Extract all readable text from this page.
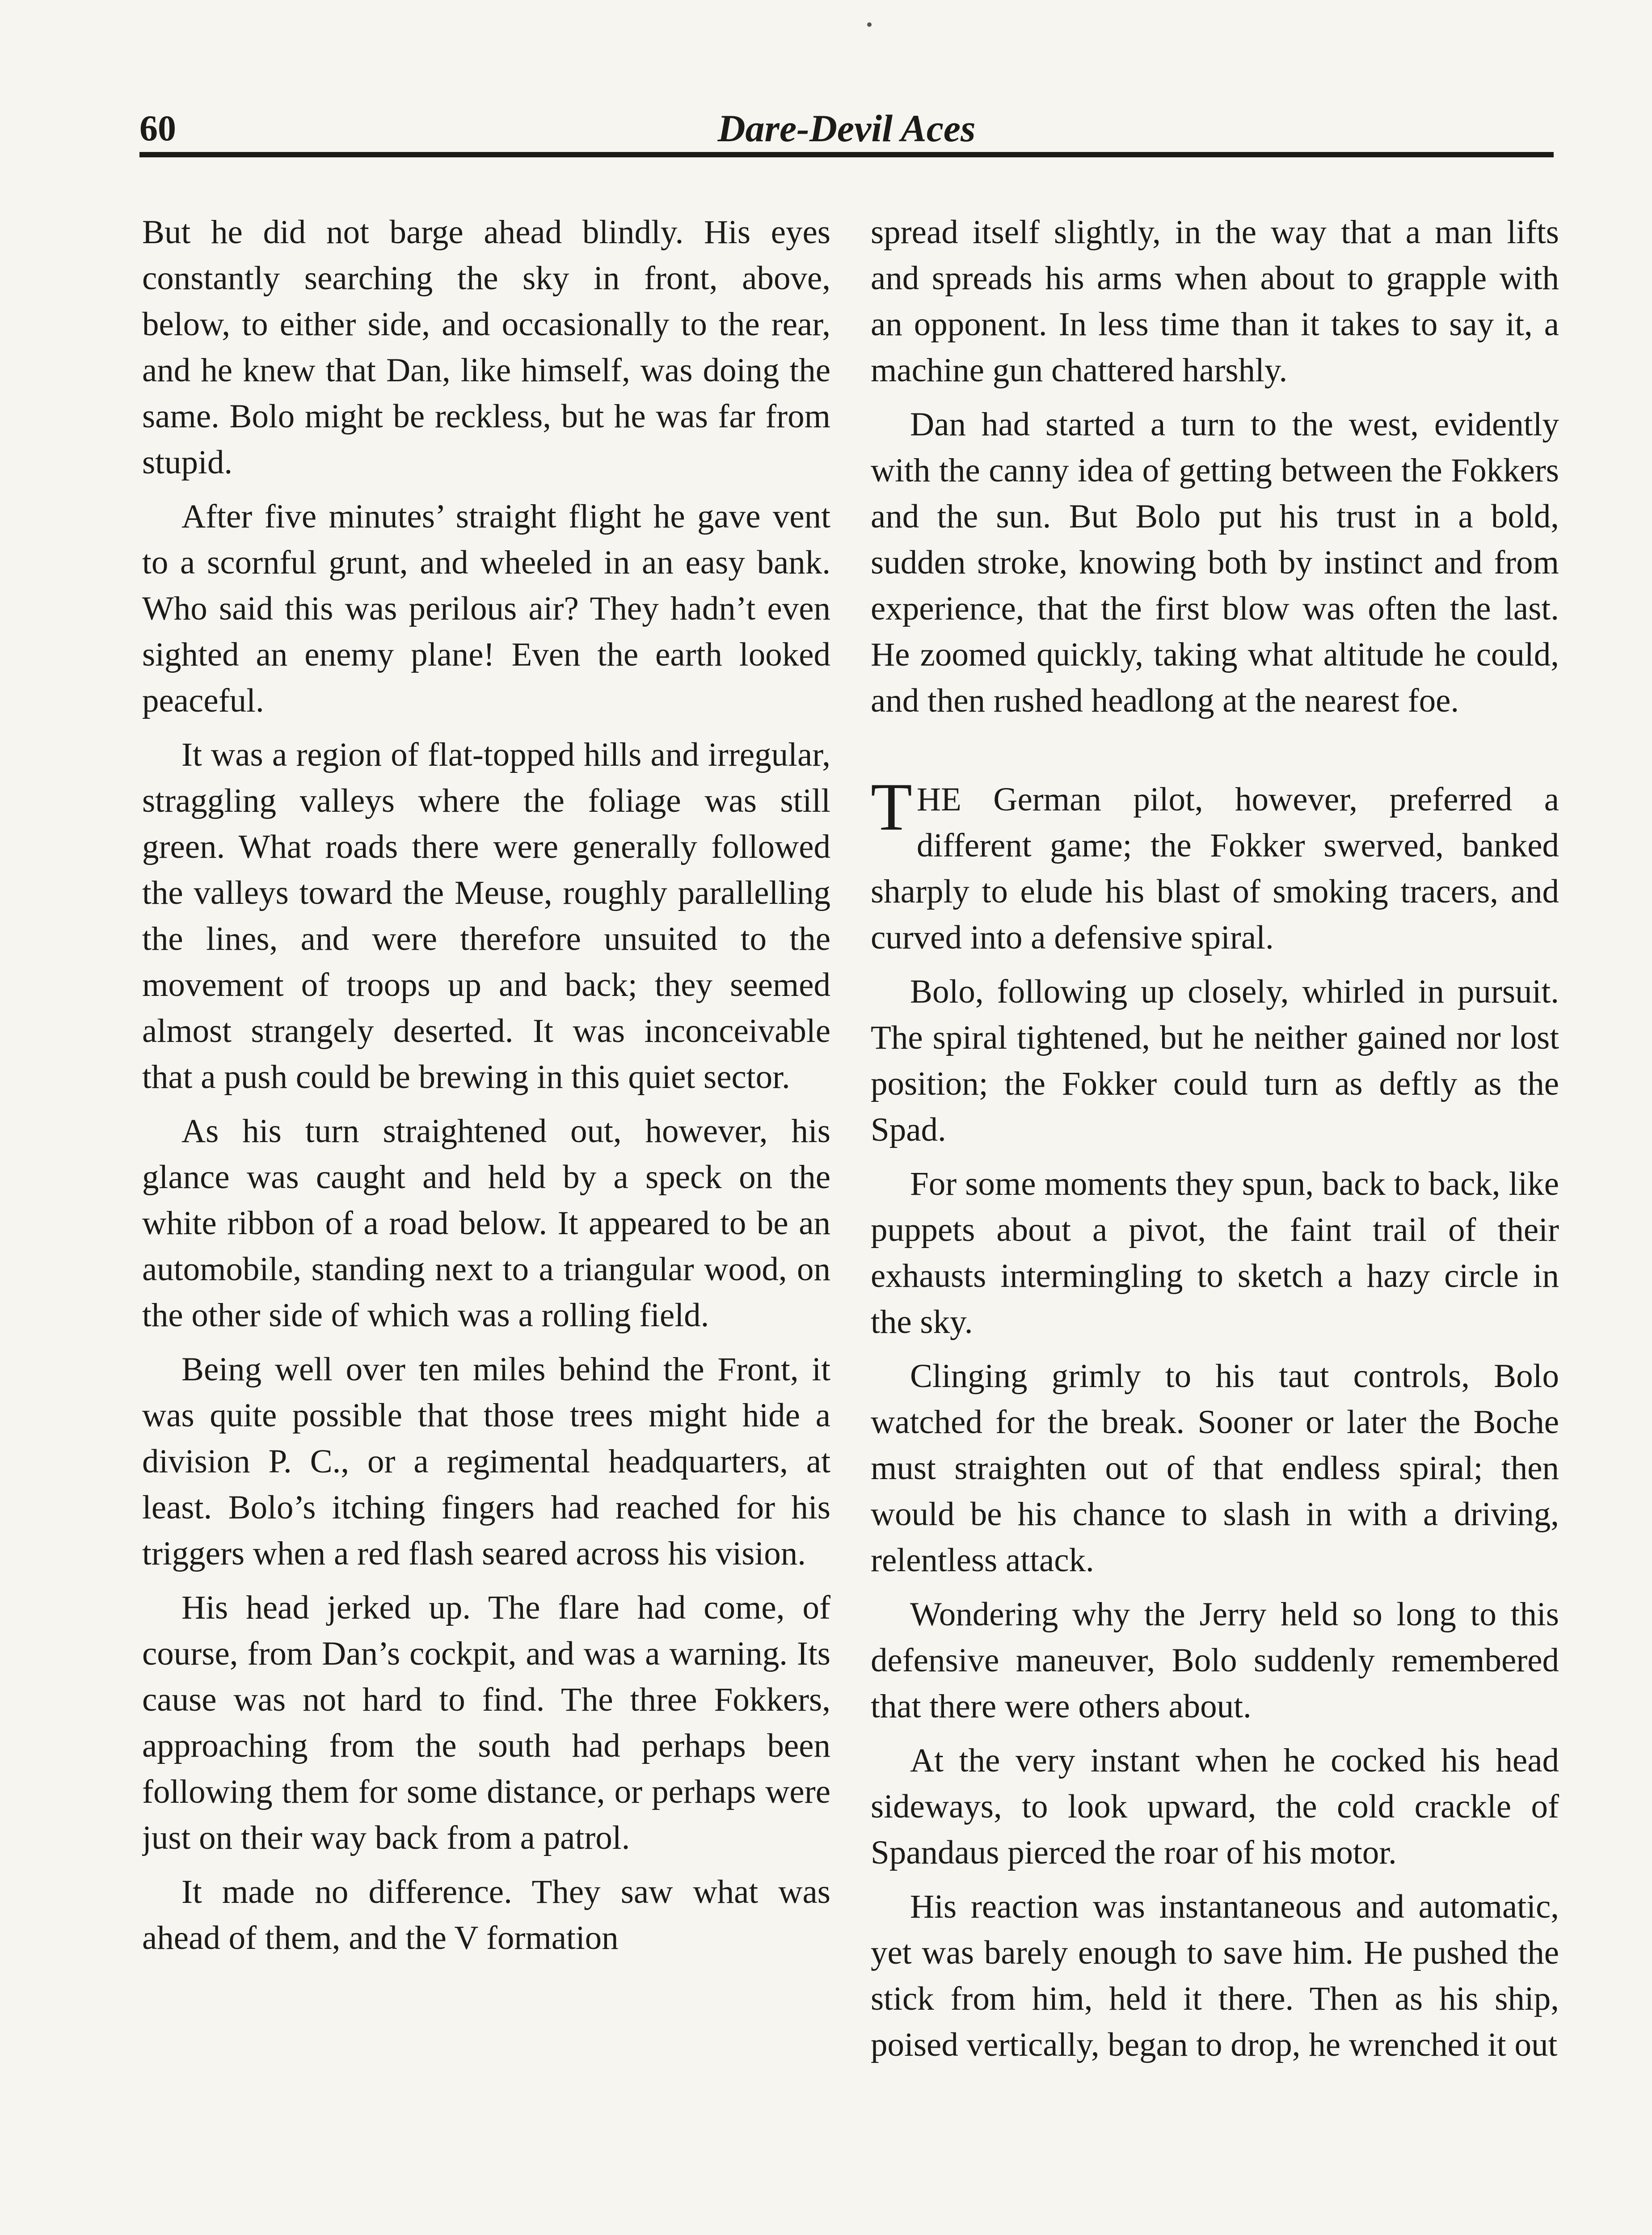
60	Dare-Devil Aces

But he did not barge ahead blindly. His eyes constantly searching the sky in front, above, below, to either side, and occasionally to the rear, and he knew that Dan, like himself, was doing the same. Bolo might be reckless, but he was far from stupid.

After five minutes’ straight flight he gave vent to a scornful grunt, and wheeled in an easy bank. Who said this was perilous air? They hadn’t even sighted an enemy plane! Even the earth looked peaceful.

It was a region of flat-topped hills and irregular, straggling valleys where the foliage was still green. What roads there were generally followed the valleys toward the Meuse, roughly parallelling the lines, and were therefore unsuited to the movement of troops up and back; they seemed almost strangely deserted. It was inconceivable that a push could be brewing in this quiet sector.

As his turn straightened out, however, his glance was caught and held by a speck on the white ribbon of a road below. It appeared to be an automobile, standing next to a triangular wood, on the other side of which was a rolling field.

Being well over ten miles behind the Front, it was quite possible that those trees might hide a division P. C., or a regimental headquarters, at least. Bolo’s itching fingers had reached for his triggers when a red flash seared across his vision.

His head jerked up. The flare had come, of course, from Dan’s cockpit, and was a warning. Its cause was not hard to find. The three Fokkers, approaching from the south had perhaps been following them for some distance, or perhaps were just on their way back from a patrol.

It made no difference. They saw what was ahead of them, and the V formation

spread itself slightly, in the way that a man lifts and spreads his arms when about to grapple with an opponent. In less time than it takes to say it, a machine gun chattered harshly.

Dan had started a turn to the west, evidently with the canny idea of getting between the Fokkers and the sun. But Bolo put his trust in a bold, sudden stroke, knowing both by instinct and from experience, that the first blow was often the last. He zoomed quickly, taking what altitude he could, and then rushed headlong at the nearest foe.

THE German pilot, however, preferred a different game; the Fokker swerved, banked sharply to elude his blast of smoking tracers, and curved into a defensive spiral.

Bolo, following up closely, whirled in pursuit. The spiral tightened, but he neither gained nor lost position; the Fokker could turn as deftly as the Spad.

For some moments they spun, back to back, like puppets about a pivot, the faint trail of their exhausts intermingling to sketch a hazy circle in the sky.

Clinging grimly to his taut controls, Bolo watched for the break. Sooner or later the Boche must straighten out of that endless spiral; then would be his chance to slash in with a driving, relentless attack.

Wondering why the Jerry held so long to this defensive maneuver, Bolo suddenly remembered that there were others about.

At the very instant when he cocked his head sideways, to look upward, the cold crackle of Spandaus pierced the roar of his motor.

His reaction was instantaneous and automatic, yet was barely enough to save him. He pushed the stick from him, held it there. Then as his ship, poised vertically, began to drop, he wrenched it out
